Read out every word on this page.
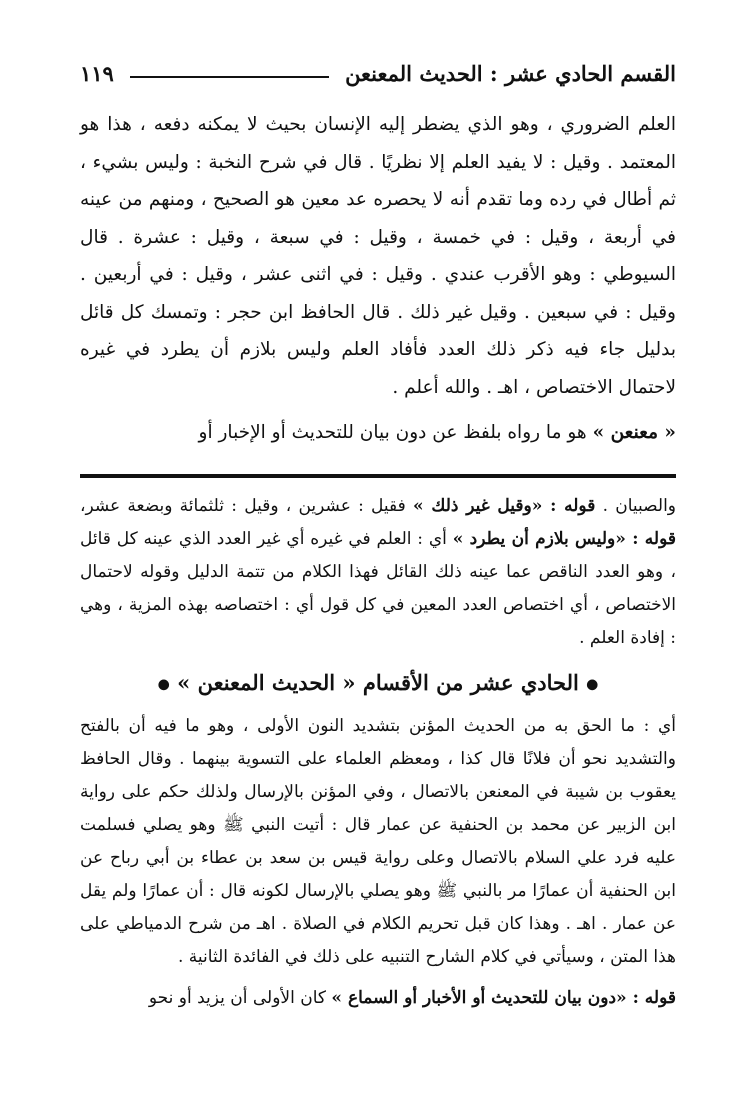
القسم الحادي عشر : الحديث المعنعن
١١٩

العلم الضروري ، وهو الذي يضطر إليه الإنسان بحيث لا يمكنه دفعه ، هذا هو المعتمد . وقيل : لا يفيد العلم إلا نظريًا . قال في شرح النخبة : وليس بشيء ، ثم أطال في رده وما تقدم أنه لا يحصره عد معين هو الصحيح ، ومنهم من عينه في أربعة ، وقيل : في خمسة ، وقيل : في سبعة ، وقيل : عشرة . قال السيوطي : وهو الأقرب عندي . وقيل : في اثنى عشر ، وقيل : في أربعين . وقيل : في سبعين . وقيل غير ذلك . قال الحافظ ابن حجر : وتمسك كل قائل بدليل جاء فيه ذكر ذلك العدد فأفاد العلم وليس بلازم أن يطرد في غيره لاحتمال الاختصاص ، اهـ . والله أعلم .

« معنعن » هو ما رواه بلفظ عن دون بيان للتحديث أو الإخبار أو

والصبيان . قوله : «وقيل غير ذلك » فقيل : عشرين ، وقيل : ثلثمائة وبضعة عشر، قوله : «وليس بلازم أن يطرد » أي : العلم في غيره أي غير العدد الذي عينه كل قائل ، وهو العدد الناقص عما عينه ذلك القائل فهذا الكلام من تتمة الدليل وقوله لاحتمال الاختصاص ، أي اختصاص العدد المعين في كل قول أي : اختصاصه بهذه المزية ، وهي : إفادة العلم .

● الحادي عشر من الأقسام « الحديث المعنعن » ●

أي : ما الحق به من الحديث المؤنن بتشديد النون الأولى ، وهو ما فيه أن بالفتح والتشديد نحو أن فلانًا قال كذا ، ومعظم العلماء على التسوية بينهما . وقال الحافظ يعقوب بن شيبة في المعنعن بالاتصال ، وفي المؤنن بالإرسال ولذلك حكم على رواية ابن الزبير عن محمد بن الحنفية عن عمار قال : أتيت النبي ﷺ وهو يصلي فسلمت عليه فرد علي السلام بالاتصال وعلى رواية قيس بن سعد بن عطاء بن أبي رباح عن ابن الحنفية أن عمارًا مر بالنبي ﷺ وهو يصلي بالإرسال لكونه قال : أن عمارًا ولم يقل عن عمار . اهـ . وهذا كان قبل تحريم الكلام في الصلاة . اهـ من شرح الدمياطي على هذا المتن ، وسيأتي في كلام الشارح التنبيه على ذلك في الفائدة الثانية .

قوله : «دون بيان للتحديث أو الأخبار أو السماع » كان الأولى أن يزيد أو نحو
